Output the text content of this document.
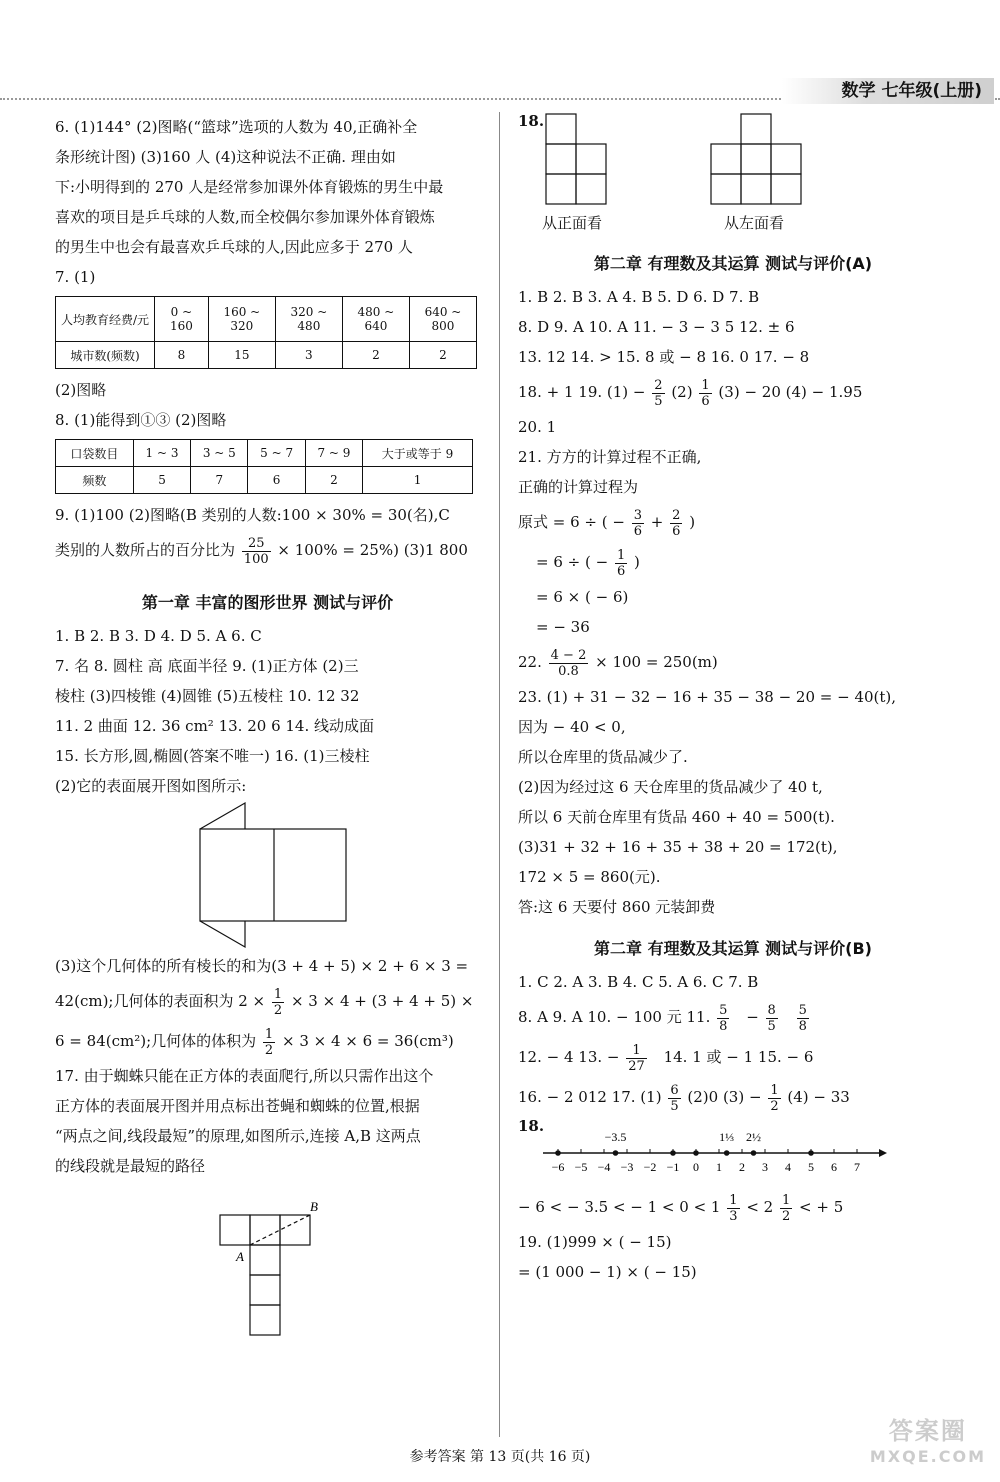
数学 七年级(上册)

6. (1)144° (2)图略(“篮球”选项的人数为 40,正确补全

条形统计图) (3)160 人 (4)这种说法不正确. 理由如

下:小明得到的 270 人是经常参加课外体育锻炼的男生中最

喜欢的项目是乒乓球的人数,而全校偶尔参加课外体育锻炼

的男生中也会有最喜欢乒乓球的人,因此应多于 270 人

7. (1)

人均教育经费/元	0 ~ 160	160 ~ 320	320 ~ 480	480 ~ 640	640 ~ 800
城市数(频数)	8	15	3	2	2

(2)图略

8. (1)能得到①③ (2)图略

口袋数目	1 ~ 3	3 ~ 5	5 ~ 7	7 ~ 9	大于或等于 9
频数	5	7	6	2	1

9. (1)100 (2)图略(B 类别的人数:100 × 30% = 30(名),C

类别的人数所占的百分比为 $\frac{25}{100} \times 100\% = 25\%$) (3)1 800

第一章 丰富的图形世界 测试与评价

1. B 2. B 3. D 4. D 5. A 6. C

7. 名 8. 圆柱 高 底面半径 9. (1)正方体 (2)三

棱柱 (3)四棱锥 (4)圆锥 (5)五棱柱 10. 12 32

11. 2 曲面 12. 36 cm² 13. 20 6 14. 线动成面

15. 长方形,圆,椭圆(答案不唯一) 16. (1)三棱柱

(2)它的表面展开图如图所示:

(3)这个几何体的所有棱长的和为(3 + 4 + 5) × 2 + 6 × 3 =

42(cm);几何体的表面积为 $2 \times \frac{1}{2} \times 3 \times 4 + (3 + 4 + 5)$ ×

6 = 84(cm²);几何体的体积为 $\frac{1}{2} \times 3 \times 4 \times 6 = 36(cm^3)$

17. 由于蜘蛛只能在正方体的表面爬行,所以只需作出这个

正方体的表面展开图并用点标出苍蝇和蜘蛛的位置,根据

“两点之间,线段最短”的原理,如图所示,连接 A,B 这两点

的线段就是最短的路径

A
B
18.
从正面看	从左面看
第二章 有理数及其运算 测试与评价(A)

1. B 2. B 3. A 4. B 5. D 6. D 7. B

8. D 9. A 10. A 11. − 3 − 3 5 12. ± 6

13. 12 14. > 15. 8 或 − 8 16. 0 17. − 8

18. + 1 19. $(1) - \frac{2}{5} (2) \frac{1}{6} (3) - 20$ (4) − 1.95

20. 1

21. 方方的计算过程不正确,

正确的计算过程为

原式 = 6 ÷ ( − $\frac{3}{6} + \frac{2}{6}$ )

= 6 ÷ ( − $\frac{1}{6}$ )

= 6 × ( − 6)

= − 36

22. $\frac{4 - 2}{0.8} \times 100 = 250(m)$

23. (1) + 31 − 32 − 16 + 35 − 38 − 20 = − 40(t),

因为 − 40 < 0,

所以仓库里的货品减少了.

(2)因为经过这 6 天仓库里的货品减少了 40 t,

所以 6 天前仓库里有货品 460 + 40 = 500(t).

(3)31 + 32 + 16 + 35 + 38 + 20 = 172(t),

172 × 5 = 860(元).

答:这 6 天要付 860 元装卸费

第二章 有理数及其运算 测试与评价(B)

1. C 2. A 3. B 4. C 5. A 6. C 7. B

8. A 9. A 10. − 100 元 11. $\frac{5}{8} - \frac{8}{5}$
$\frac{5}{8}$

12. − 4 13. − $\frac{1}{27} 14$. 1 或 − 1 15. − 6

16. − 2 012 17. $(1) \frac{6}{5} (2)0$ $(3) - \frac{1}{2} (4) - 33$

18.
−6 −5 −4 −3 −2 −1 0 1 2 3 4 5 6 7
−3.5	1⅓ 2½

− 6 < − 3.5 < − $1 < 0 < 1 \frac{1}{3} < 2 \frac{1}{2}$ < + 5

19. (1)999 × ( − 15)

= (1 000 − 1) × ( − 15)

参考答案 第 13 页(共 16 页)
答案圈
MXQE.COM
